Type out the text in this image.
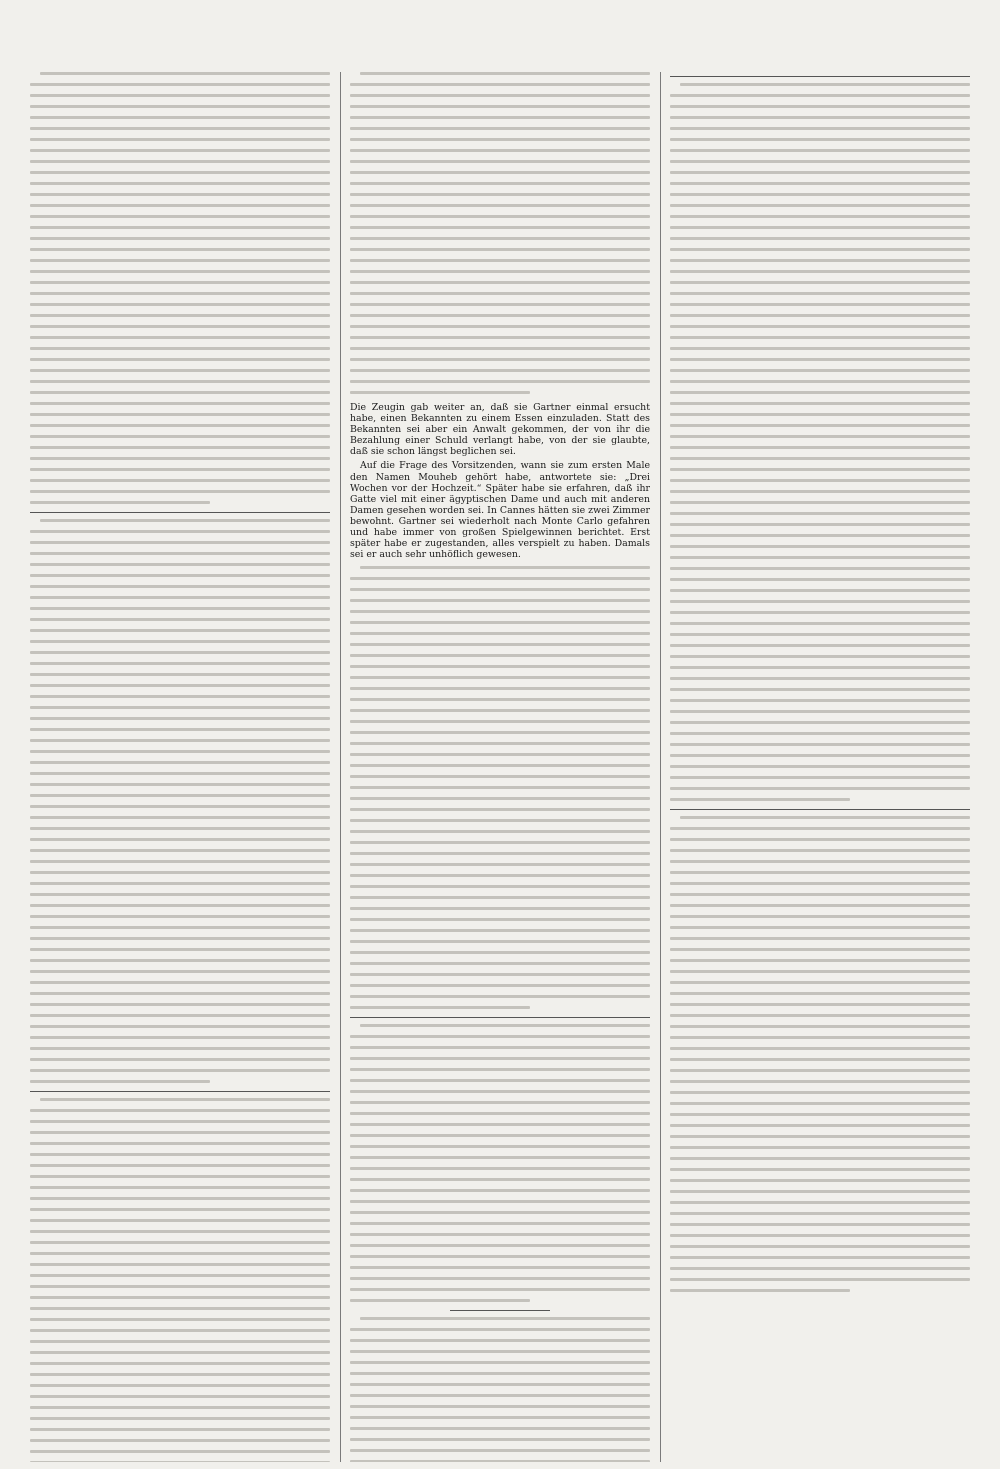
Die Zeugin gab weiter an, daß sie Gartner einmal ersucht habe, einen Bekannten zu einem Essen einzuladen. Statt des Bekannten sei aber ein Anwalt gekommen, der von ihr die Bezahlung einer Schuld verlangt habe, von der sie glaubte, daß sie schon längst beglichen sei.

Auf die Frage des Vorsitzenden, wann sie zum ersten Male den Namen Mouheb gehört habe, antwortete sie: „Drei Wochen vor der Hochzeit.“ Später habe sie erfahren, daß ihr Gatte viel mit einer ägyptischen Dame und auch mit anderen Damen gesehen worden sei. In Cannes hätten sie zwei Zimmer bewohnt. Gartner sei wiederholt nach Monte Carlo gefahren und habe immer von großen Spielgewinnen berichtet. Erst später habe er zugestanden, alles verspielt zu haben. Damals sei er auch sehr unhöflich gewesen.
